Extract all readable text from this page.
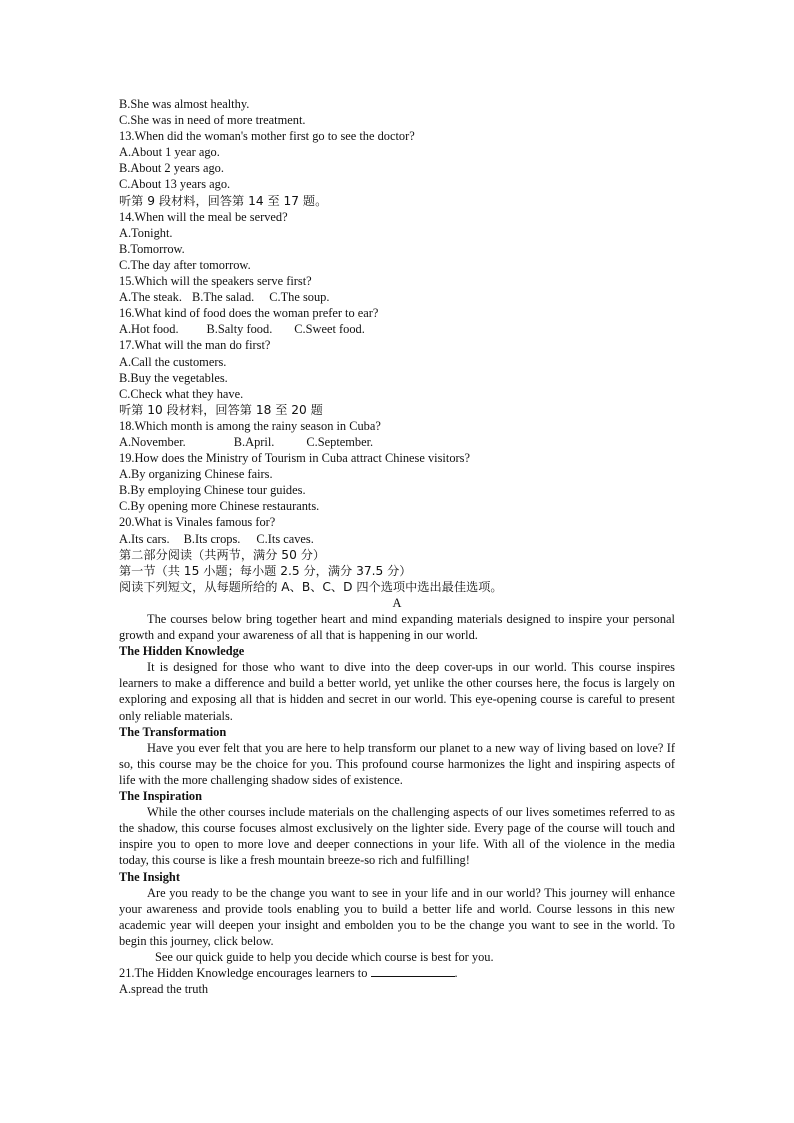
B.She was almost healthy.
C.She was in need of more treatment.
13.When did the woman's mother first go to see the doctor?
A.About 1 year ago.
B.About 2 years ago.
C.About 13 years ago.
听第 9 段材料，回答第 14 至 17 题。
14.When will the meal be served?
A.Tonight.
B.Tomorrow.
C.The day after tomorrow.
15.Which will the speakers serve first?
A.The steak. B.The salad. C.The soup.
16.What kind of food does the woman prefer to ear?
A.Hot food. B.Salty food. C.Sweet food.
17.What will the man do first?
A.Call the customers.
B.Buy the vegetables.
C.Check what they have.
听第 10 段材料，回答第 18 至 20 题
18.Which month is among the rainy season in Cuba?
A.November.	B.April.	C.September.
19.How does the Ministry of Tourism in Cuba attract Chinese visitors?
A.By organizing Chinese fairs.
B.By employing Chinese tour guides.
C.By opening more Chinese restaurants.
20.What is Vinales famous for?
A.Its cars. B.Its crops. C.Its caves.
第二部分阅读（共两节，满分 50 分）
第一节（共 15 小题；每小题 2.5 分，满分 37.5 分）
阅读下列短文，从每题所给的 A、B、C、D 四个选项中选出最佳选项。
A
The courses below bring together heart and mind expanding materials designed to inspire your personal growth and expand your awareness of all that is happening in our world.
The Hidden Knowledge
It is designed for those who want to dive into the deep cover-ups in our world. This course inspires learners to make a difference and build a better world, yet unlike the other courses here, the focus is largely on exploring and exposing all that is hidden and secret in our world. This eye-opening course is careful to present only reliable materials.
The Transformation
Have you ever felt that you are here to help transform our planet to a new way of living based on love? If so, this course may be the choice for you. This profound course harmonizes the light and inspiring aspects of life with the more challenging shadow sides of existence.
The Inspiration
While the other courses include materials on the challenging aspects of our lives sometimes referred to as the shadow, this course focuses almost exclusively on the lighter side. Every page of the course will touch and inspire you to open to more love and deeper connections in your life. With all of the violence in the media today, this course is like a fresh mountain breeze-so rich and fulfilling!
The Insight
Are you ready to be the change you want to see in your life and in our world? This journey will enhance your awareness and provide tools enabling you to build a better life and world. Course lessons in this new academic year will deepen your insight and embolden you to be the change you want to see in the world. To begin this journey, click below.
See our quick guide to help you decide which course is best for you.
21.The Hidden Knowledge encourages learners to	.
A.spread the truth
